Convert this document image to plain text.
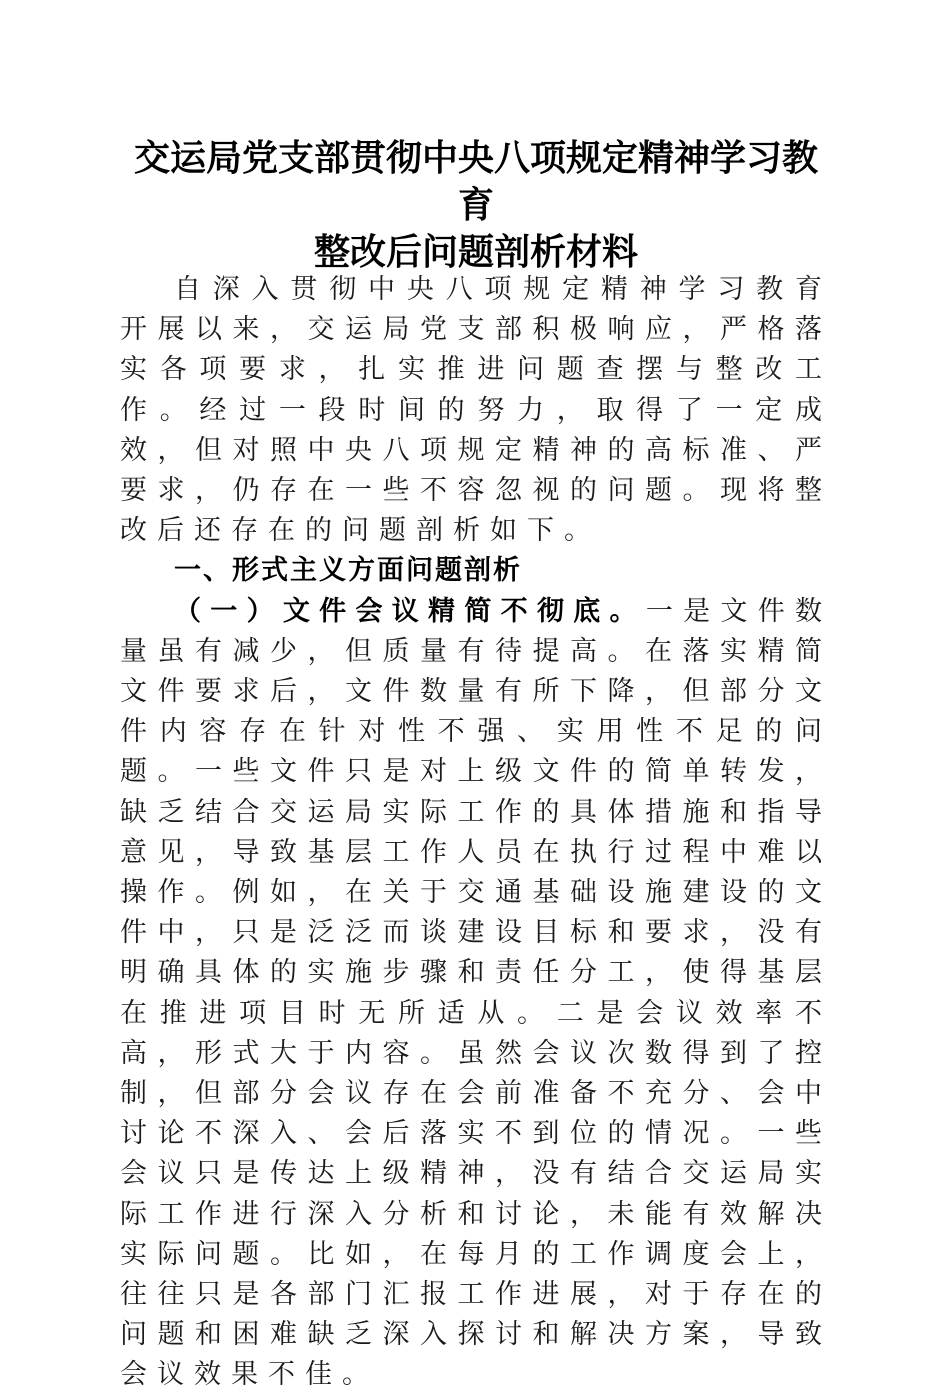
交运局党支部贯彻中央八项规定精神学习教育
整改后问题剖析材料

自深入贯彻中央八项规定精神学习教育开展以来，交运局党支部积极响应，严格落实各项要求，扎实推进问题查摆与整改工作。经过一段时间的努力，取得了一定成效，但对照中央八项规定精神的高标准、严要求，仍存在一些不容忽视的问题。现将整改后还存在的问题剖析如下。

一、形式主义方面问题剖析

（一）文件会议精简不彻底。一是文件数量虽有减少，但质量有待提高。在落实精简文件要求后，文件数量有所下降，但部分文件内容存在针对性不强、实用性不足的问题。一些文件只是对上级文件的简单转发，缺乏结合交运局实际工作的具体措施和指导意见，导致基层工作人员在执行过程中难以操作。例如，在关于交通基础设施建设的文件中，只是泛泛而谈建设目标和要求，没有明确具体的实施步骤和责任分工，使得基层在推进项目时无所适从。二是会议效率不高，形式大于内容。虽然会议次数得到了控制，但部分会议存在会前准备不充分、会中讨论不深入、会后落实不到位的情况。一些会议只是传达上级精神，没有结合交运局实际工作进行深入分析和讨论，未能有效解决实际问题。比如，在每月的工作调度会上，往往只是各部门汇报工作进展，对于存在的问题和困难缺乏深入探讨和解决方案，导致会议效果不佳。
